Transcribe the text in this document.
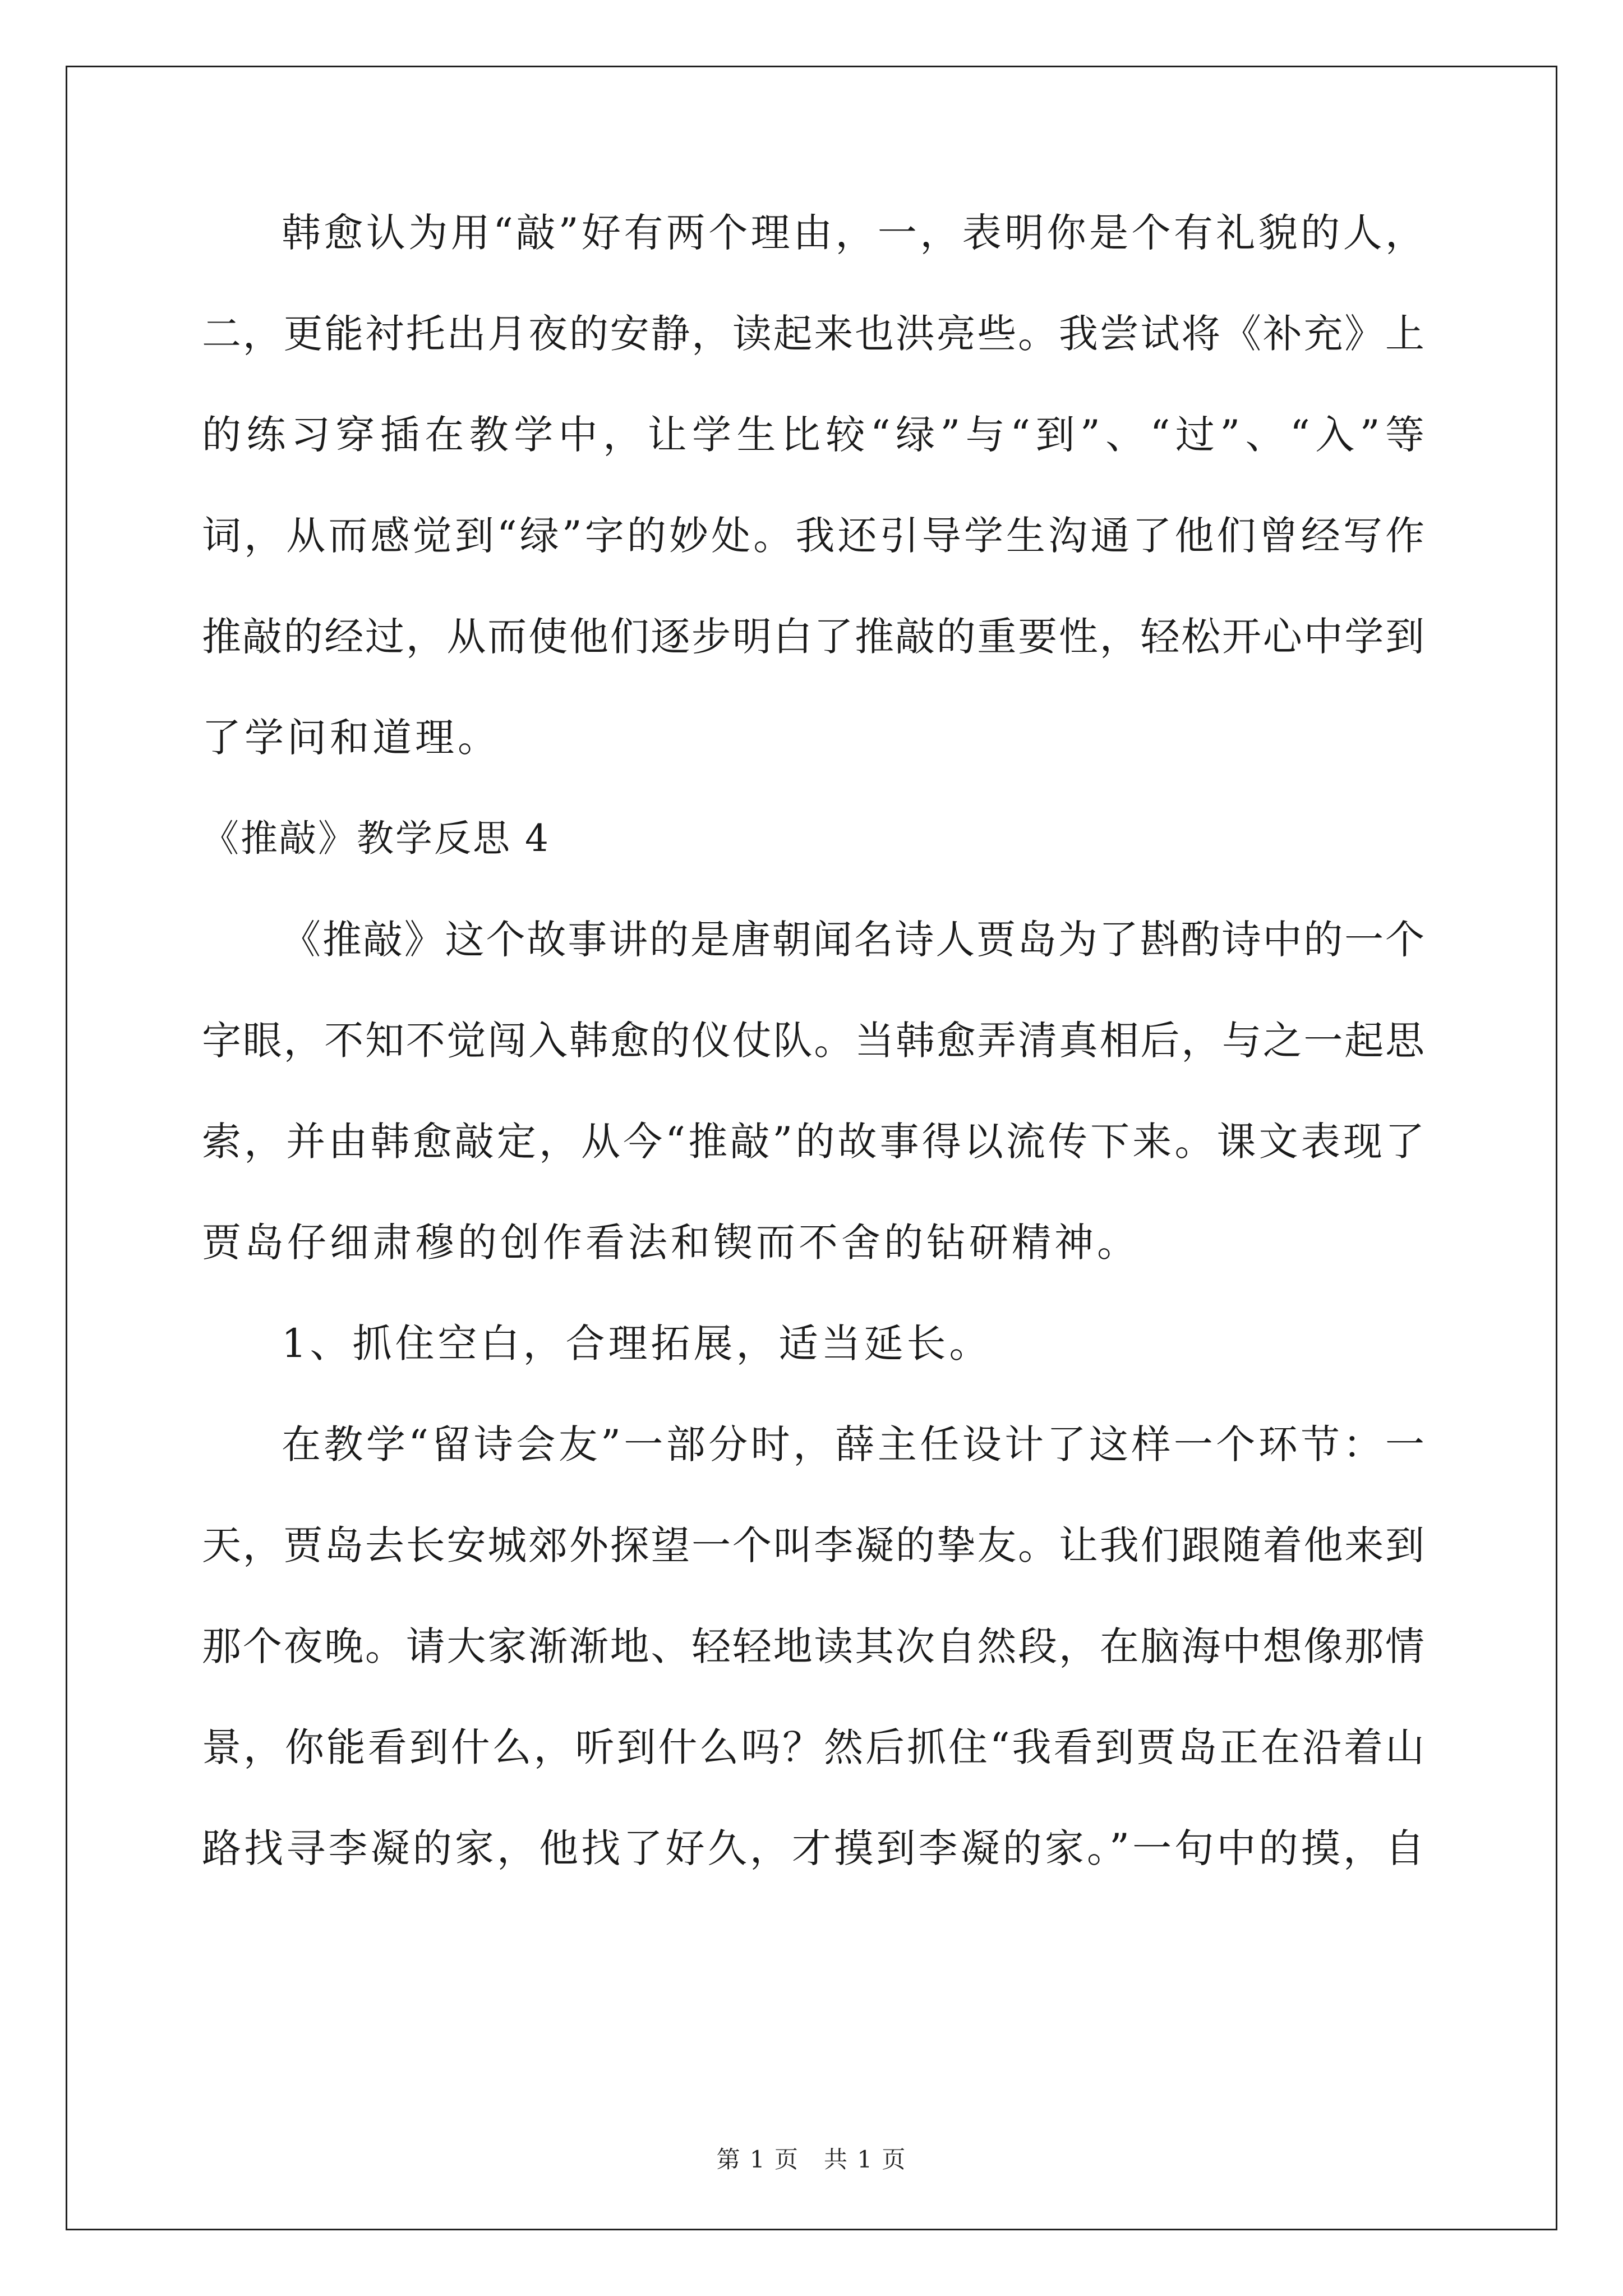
韩愈认为用“敲”好有两个理由，一，表明你是个有礼貌的人，
二，更能衬托出月夜的安静，读起来也洪亮些。我尝试将《补充》上
的练习穿插在教学中，让学生比较“绿”与“到”、“过”、“入”等
词，从而感觉到“绿”字的妙处。我还引导学生沟通了他们曾经写作
推敲的经过，从而使他们逐步明白了推敲的重要性，轻松开心中学到
了学问和道理。
《推敲》教学反思 4
《推敲》这个故事讲的是唐朝闻名诗人贾岛为了斟酌诗中的一个
字眼，不知不觉闯入韩愈的仪仗队。当韩愈弄清真相后，与之一起思
索，并由韩愈敲定，从今“推敲”的故事得以流传下来。课文表现了
贾岛仔细肃穆的创作看法和锲而不舍的钻研精神。
1、抓住空白，合理拓展，适当延长。
在教学“留诗会友”一部分时，薛主任设计了这样一个环节：一
天，贾岛去长安城郊外探望一个叫李凝的挚友。让我们跟随着他来到
那个夜晚。请大家渐渐地、轻轻地读其次自然段，在脑海中想像那情
景，你能看到什么，听到什么吗？然后抓住“我看到贾岛正在沿着山
路找寻李凝的家，他找了好久，才摸到李凝的家。”一句中的摸，自
第 1 页　共 1 页
